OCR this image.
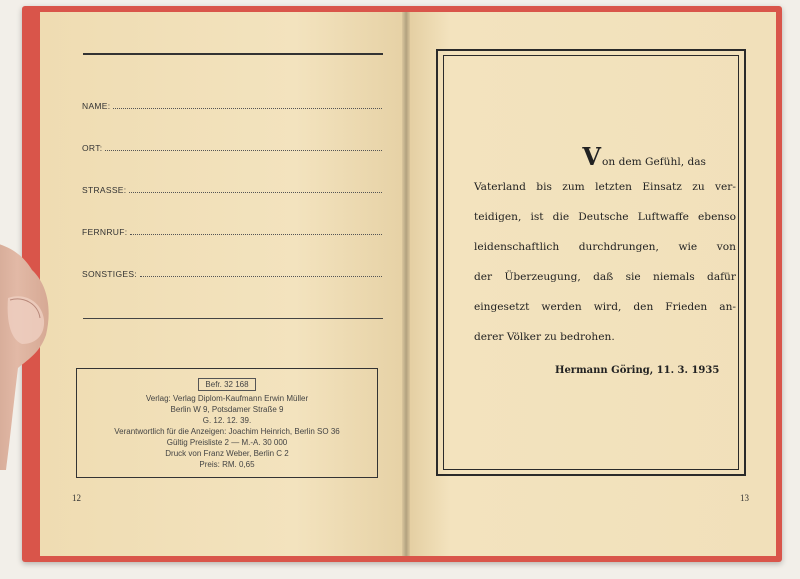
NAME:
ORT:
STRASSE:
FERNRUF:
SONSTIGES:
Befr. 32 168
Verlag: Verlag Diplom-Kaufmann Erwin Müller
Berlin W 9, Potsdamer Straße 9
G. 12. 12. 39.
Verantwortlich für die Anzeigen: Joachim Heinrich, Berlin SO 36
Gültig Preisliste 2 — M.-A. 30 000
Druck von Franz Weber, Berlin C 2
Preis: RM. 0,65
12
Von dem Gefühl, das
Vaterland bis zum letzten Einsatz zu ver-
teidigen, ist die Deutsche Luftwaffe ebenso
leidenschaftlich durchdrungen, wie von
der Überzeugung, daß sie niemals dafür
eingesetzt werden wird, den Frieden an-
derer Völker zu bedrohen.
Hermann Göring, 11. 3. 1935
13
